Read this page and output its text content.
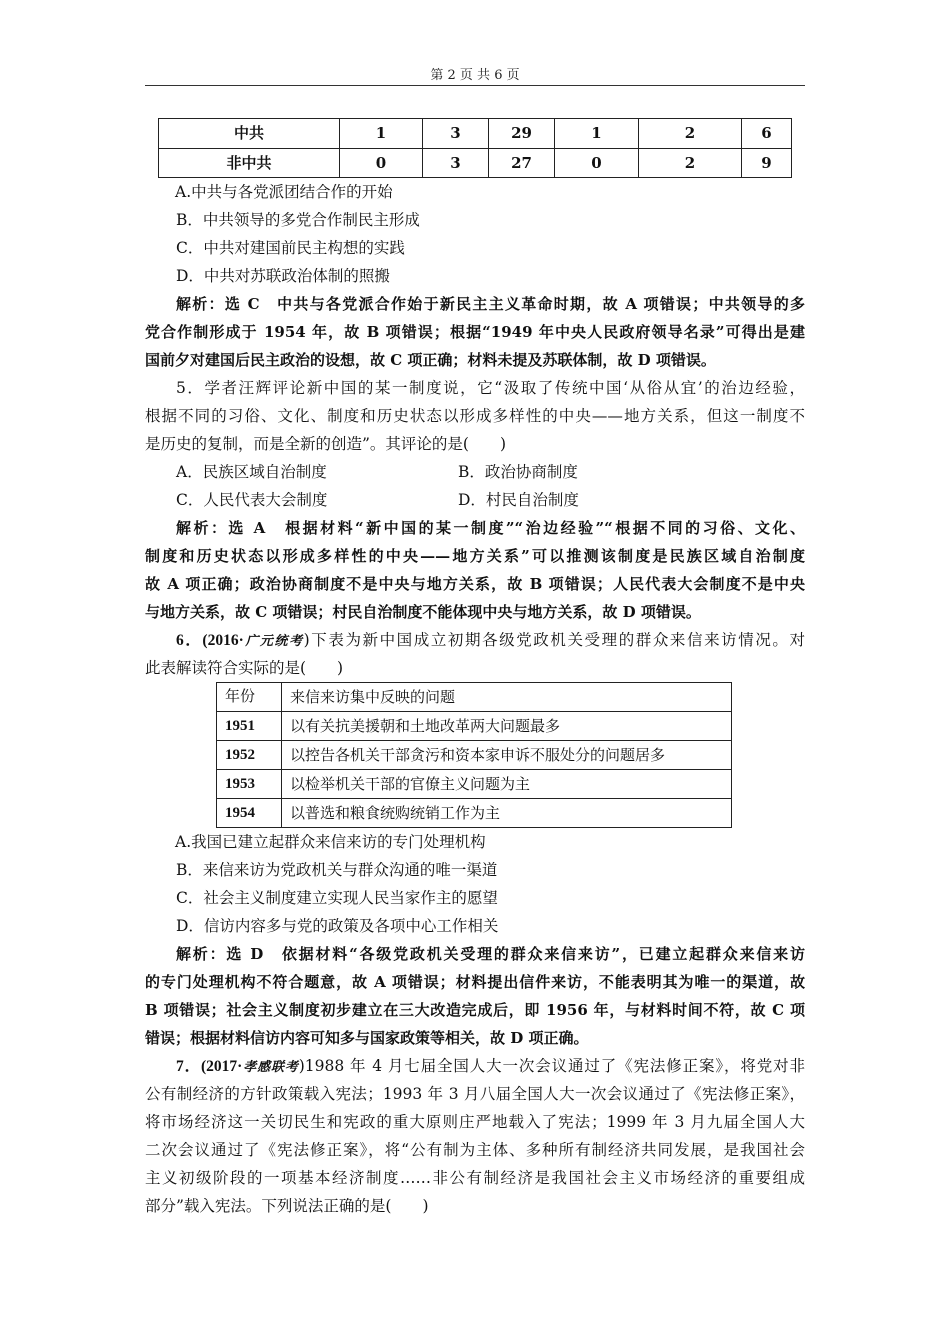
第 2 页 共 6 页
中共	1	3	29	1	2	6
非中共	0	3	27	0	2	9
A.中共与各党派团结合作的开始
B．中共领导的多党合作制民主形成
C．中共对建国前民主构想的实践
D．中共对苏联政治体制的照搬
解析：选 C　中共与各党派合作始于新民主主义革命时期，故 A 项错误；中共领导的多
党合作制形成于 1954 年，故 B 项错误；根据“1949 年中央人民政府领导名录”可得出是建
国前夕对建国后民主政治的设想，故 C 项正确；材料未提及苏联体制，故 D 项错误。
5．学者汪辉评论新中国的某一制度说，它“汲取了传统中国‘从俗从宜’的治边经验，
根据不同的习俗、文化、制度和历史状态以形成多样性的中央——地方关系，但这一制度不
是历史的复制，而是全新的创造”。其评论的是(　　)
A．民族区域自治制度	B．政治协商制度
C．人民代表大会制度	D．村民自治制度
解析：选 A　根据材料“新中国的某一制度”“治边经验”“根据不同的习俗、文化、
制度和历史状态以形成多样性的中央——地方关系”可以推测该制度是民族区域自治制度
故 A 项正确；政治协商制度不是中央与地方关系，故 B 项错误；人民代表大会制度不是中央
与地方关系，故 C 项错误；村民自治制度不能体现中央与地方关系，故 D 项错误。
6．(2016·广元统考)下表为新中国成立初期各级党政机关受理的群众来信来访情况。对
此表解读符合实际的是(　　)
年份	来信来访集中反映的问题
1951	以有关抗美援朝和土地改革两大问题最多
1952	以控告各机关干部贪污和资本家申诉不服处分的问题居多
1953	以检举机关干部的官僚主义问题为主
1954	以普选和粮食统购统销工作为主
A.我国已建立起群众来信来访的专门处理机构
B．来信来访为党政机关与群众沟通的唯一渠道
C．社会主义制度建立实现人民当家作主的愿望
D．信访内容多与党的政策及各项中心工作相关
解析：选 D　依据材料“各级党政机关受理的群众来信来访”，已建立起群众来信来访
的专门处理机构不符合题意，故 A 项错误；材料提出信件来访，不能表明其为唯一的渠道，故
B 项错误；社会主义制度初步建立在三大改造完成后，即 1956 年，与材料时间不符，故 C 项
错误；根据材料信访内容可知多与国家政策等相关，故 D 项正确。
7．(2017·孝感联考)1988 年 4 月七届全国人大一次会议通过了《宪法修正案》，将党对非
公有制经济的方针政策载入宪法；1993 年 3 月八届全国人大一次会议通过了《宪法修正案》，
将市场经济这一关切民生和宪政的重大原则庄严地载入了宪法；1999 年 3 月九届全国人大
二次会议通过了《宪法修正案》，将“公有制为主体、多种所有制经济共同发展，是我国社会
主义初级阶段的一项基本经济制度……非公有制经济是我国社会主义市场经济的重要组成
部分”载入宪法。下列说法正确的是(　　)
